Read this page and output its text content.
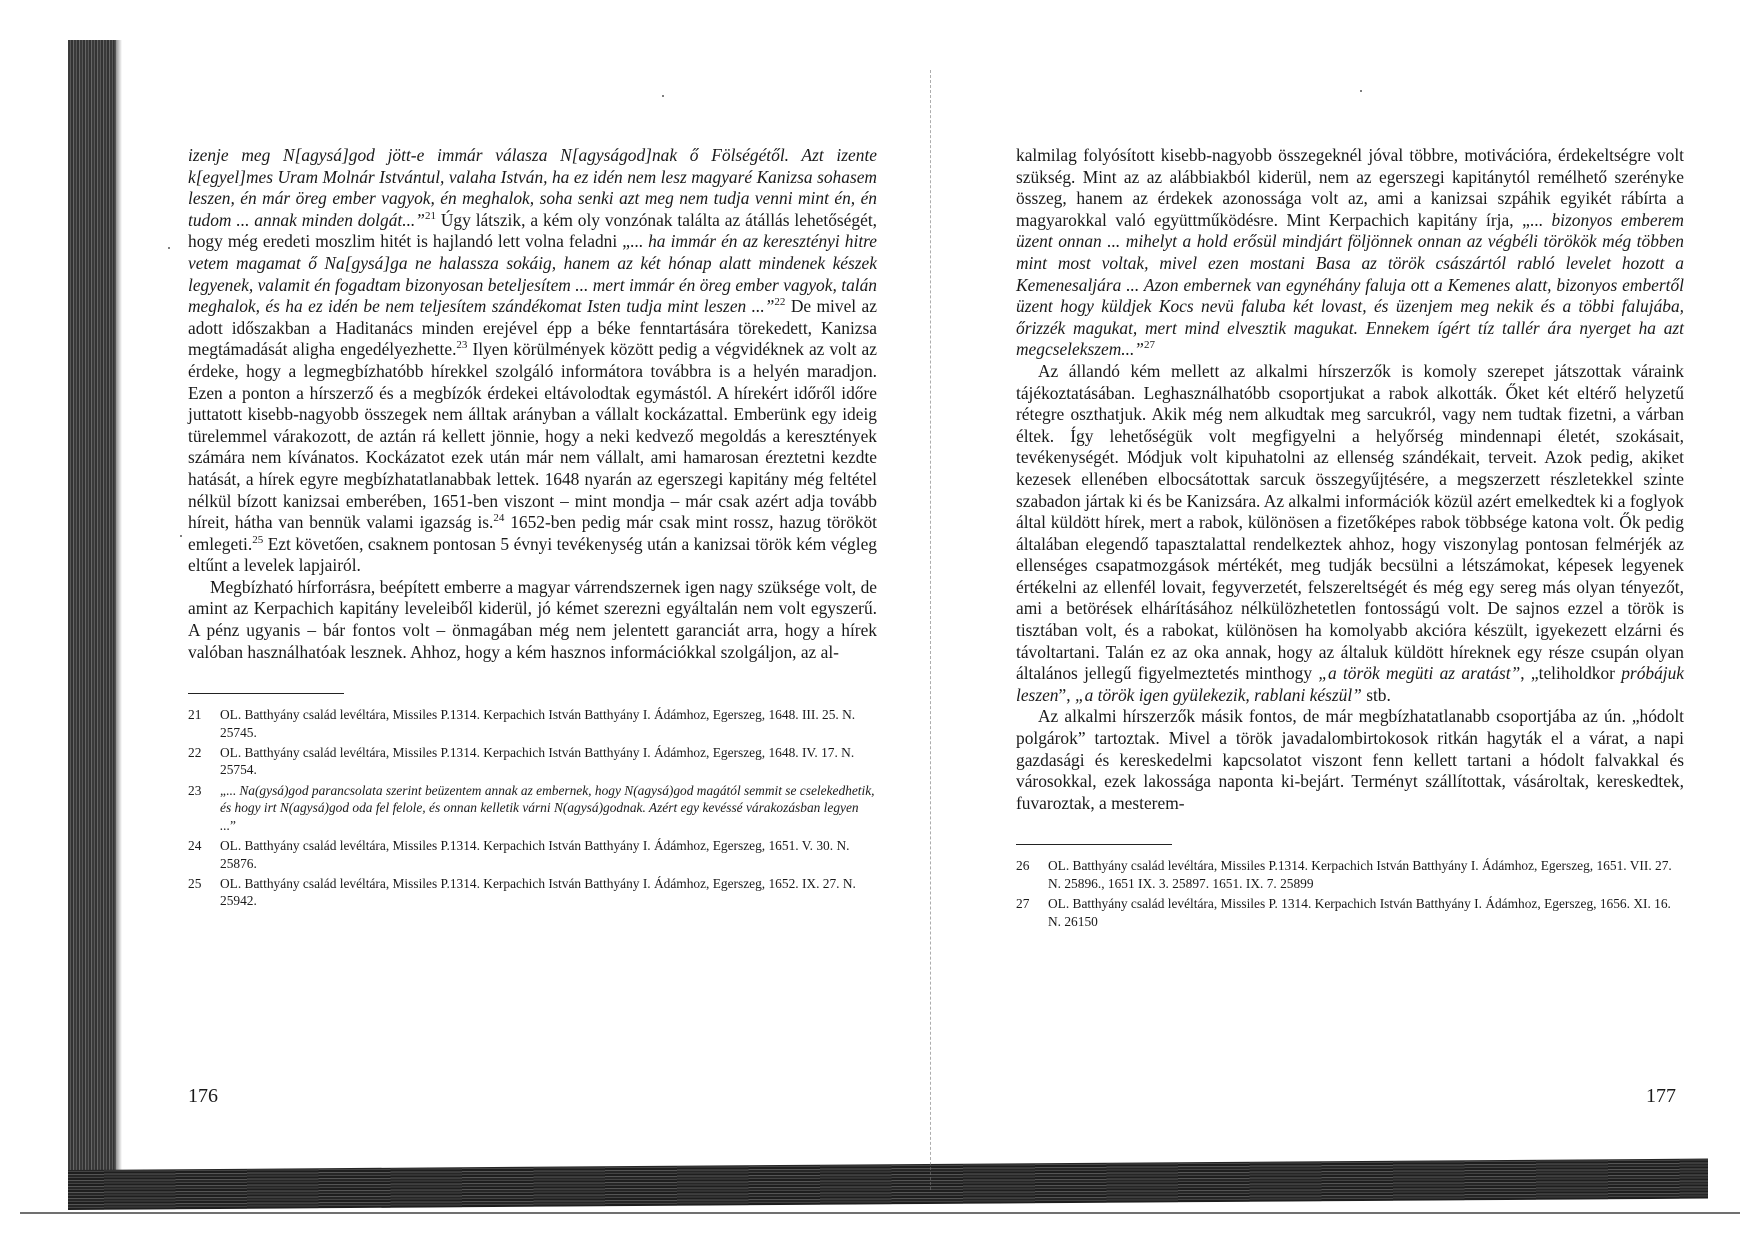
izenje meg N[agysá]god jött-e immár válasza N[agyságod]nak ő Fölségétől. Azt izente k[egyel]mes Uram Molnár Istvántul, valaha István, ha ez idén nem lesz magyaré Kanizsa sohasem leszen, én már öreg ember vagyok, én meghalok, soha senki azt meg nem tudja venni mint én, én tudom ... annak minden dolgát...”$^{21}$ Úgy látszik, a kém oly vonzónak találta az átállás lehetőségét, hogy még eredeti moszlim hitét is hajlandó lett volna feladni „... ha immár én az keresztényi hitre vetem magamat ő Na[gysá]ga ne halassza sokáig, hanem az két hónap alatt mindenek készek legyenek, valamit én fogadtam bizonyosan beteljesítem ... mert immár én öreg ember vagyok, talán meghalok, és ha ez idén be nem teljesítem szándékomat Isten tudja mint leszen ...”$^{22}$ De mivel az adott időszakban a Haditanács minden erejével épp a béke fenntartására törekedett, Kanizsa megtámadását aligha engedélyezhette.$^{23}$ Ilyen körülmények között pedig a végvidéknek az volt az érdeke, hogy a legmegbízhatóbb hírekkel szolgáló informátora továbbra is a helyén maradjon. Ezen a ponton a hírszerző és a megbízók érdekei eltávolodtak egymástól. A hírekért időről időre juttatott kisebb-nagyobb összegek nem álltak arányban a vállalt kockázattal. Emberünk egy ideig türelemmel várakozott, de aztán rá kellett jönnie, hogy a neki kedvező megoldás a keresztények számára nem kívánatos. Kockázatot ezek után már nem vállalt, ami hamarosan éreztetni kezdte hatását, a hírek egyre megbízhatatlanabbak lettek. 1648 nyarán az egerszegi kapitány még feltétel nélkül bízott kanizsai emberében, 1651-ben viszont – mint mondja – már csak azért adja tovább híreit, hátha van bennük valami igazság is.$^{24}$ 1652-ben pedig már csak mint rossz, hazug törököt emlegeti.$^{25}$ Ezt követően, csaknem pontosan 5 évnyi tevékenység után a kanizsai török kém végleg eltűnt a levelek lapjairól.

Megbízható hírforrásra, beépített emberre a magyar várrendszernek igen nagy szüksége volt, de amint az Kerpachich kapitány leveleiből kiderül, jó kémet szerezni egyáltalán nem volt egyszerű. A pénz ugyanis – bár fontos volt – önmagában még nem jelentett garanciát arra, hogy a hírek valóban használhatóak lesznek. Ahhoz, hogy a kém hasznos információkkal szolgáljon, az al-

21	OL. Batthyány család levéltára, Missiles P.1314. Kerpachich István Batthyány I. Ádámhoz, Egerszeg, 1648. III. 25. N. 25745.
22	OL. Batthyány család levéltára, Missiles P.1314. Kerpachich István Batthyány I. Ádámhoz, Egerszeg, 1648. IV. 17. N. 25754.
23	„... Na(gysá)god parancsolata szerint beüzentem annak az embernek, hogy N(agysá)god magától semmit se cselekedhetik, és hogy irt N(agysá)god oda fel felole, és onnan kelletik várni N(agysá)godnak. Azért egy kevéssé várakozásban legyen ...”
24	OL. Batthyány család levéltára, Missiles P.1314. Kerpachich István Batthyány I. Ádámhoz, Egerszeg, 1651. V. 30. N. 25876.
25	OL. Batthyány család levéltára, Missiles P.1314. Kerpachich István Batthyány I. Ádámhoz, Egerszeg, 1652. IX. 27. N. 25942.
176

kalmilag folyósított kisebb-nagyobb összegeknél jóval többre, motivációra, érdekeltségre volt szükség. Mint az az alábbiakból kiderül, nem az egerszegi kapitánytól remélhető szerényke összeg, hanem az érdekek azonossága volt az, ami a kanizsai szpáhik egyikét rábírta a magyarokkal való együttműködésre. Mint Kerpachich kapitány írja, „... bizonyos emberem üzent onnan ... mihelyt a hold erősül mindjárt följönnek onnan az végbéli törökök még többen mint most voltak, mivel ezen mostani Basa az török császártól rabló levelet hozott a Kemenesaljára ... Azon embernek van egynéhány faluja ott a Kemenes alatt, bizonyos embertől üzent hogy küldjek Kocs nevü faluba két lovast, és üzenjem meg nekik és a többi falujába, őrizzék magukat, mert mind elvesztik magukat. Ennekem ígért tíz tallér ára nyerget ha azt megcselekszem...”$^{27}$

Az állandó kém mellett az alkalmi hírszerzők is komoly szerepet játszottak váraink tájékoztatásában. Leghasználhatóbb csoportjukat a rabok alkották. Őket két eltérő helyzetű rétegre oszthatjuk. Akik még nem alkudtak meg sarcukról, vagy nem tudtak fizetni, a várban éltek. Így lehetőségük volt megfigyelni a helyőrség mindennapi életét, szokásait, tevékenységét. Módjuk volt kipuhatolni az ellenség szándékait, terveit. Azok pedig, akiket kezesek ellenében elbocsátottak sarcuk összegyűjtésére, a megszerzett részletekkel szinte szabadon jártak ki és be Kanizsára. Az alkalmi információk közül azért emelkedtek ki a foglyok által küldött hírek, mert a rabok, különösen a fizetőképes rabok többsége katona volt. Ők pedig általában elegendő tapasztalattal rendelkeztek ahhoz, hogy viszonylag pontosan felmérjék az ellenséges csapatmozgások mértékét, meg tudják becsülni a létszámokat, képesek legyenek értékelni az ellenfél lovait, fegyverzetét, felszereltségét és még egy sereg más olyan tényezőt, ami a betörések elhárításához nélkülözhetetlen fontosságú volt. De sajnos ezzel a török is tisztában volt, és a rabokat, különösen ha komolyabb akcióra készült, igyekezett elzárni és távoltartani. Talán ez az oka annak, hogy az általuk küldött híreknek egy része csupán olyan általános jellegű figyelmeztetés minthogy „a török megüti az aratást”, „teliholdkor próbájuk leszen”, „a török igen gyülekezik, rablani készül” stb.

Az alkalmi hírszerzők másik fontos, de már megbízhatatlanabb csoportjába az ún. „hódolt polgárok” tartoztak. Mivel a török javadalombirtokosok ritkán hagyták el a várat, a napi gazdasági és kereskedelmi kapcsolatot viszont fenn kellett tartani a hódolt falvakkal és városokkal, ezek lakossága naponta ki-bejárt. Terményt szállítottak, vásároltak, kereskedtek, fuvaroztak, a mesterem-

26	OL. Batthyány család levéltára, Missiles P.1314. Kerpachich István Batthyány I. Ádámhoz, Egerszeg, 1651. VII. 27. N. 25896., 1651 IX. 3. 25897. 1651. IX. 7. 25899
27	OL. Batthyány család levéltára, Missiles P. 1314. Kerpachich István Batthyány I. Ádámhoz, Egerszeg, 1656. XI. 16. N. 26150
177
